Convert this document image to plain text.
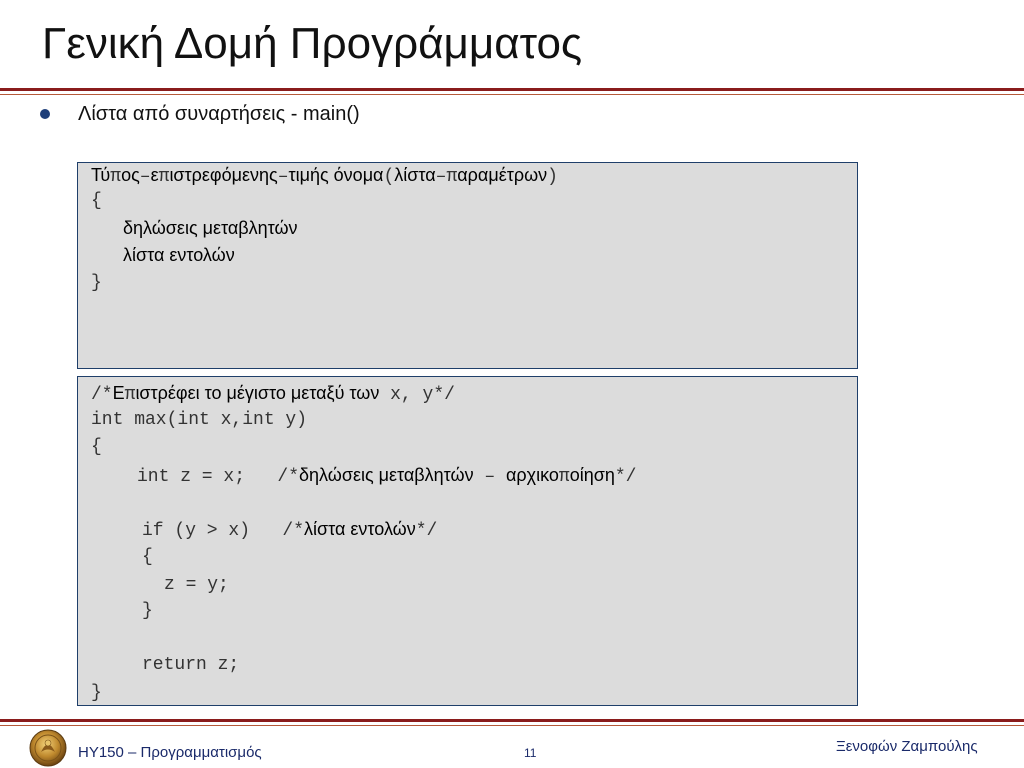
Γενική Δομή Προγράμματος
Λίστα από συναρτήσεις - main()
Τύπος–επιστρεφόμενης–τιμής όνομα(λίστα–παραμέτρων)
{
δηλώσεις μεταβλητών
λίστα εντολών
}
/*Επιστρέφει το μέγιστο μεταξύ των x, y*/
int max(int x,int y)
{
int z = x;   /*δηλώσεις μεταβλητών – αρχικοποίηση*/
if (y > x)   /*λίστα εντολών*/
{
z = y;
}
return z;
}
ΗΥ150 – Προγραμματισμός	11	Ξενοφών Ζαμπούλης
